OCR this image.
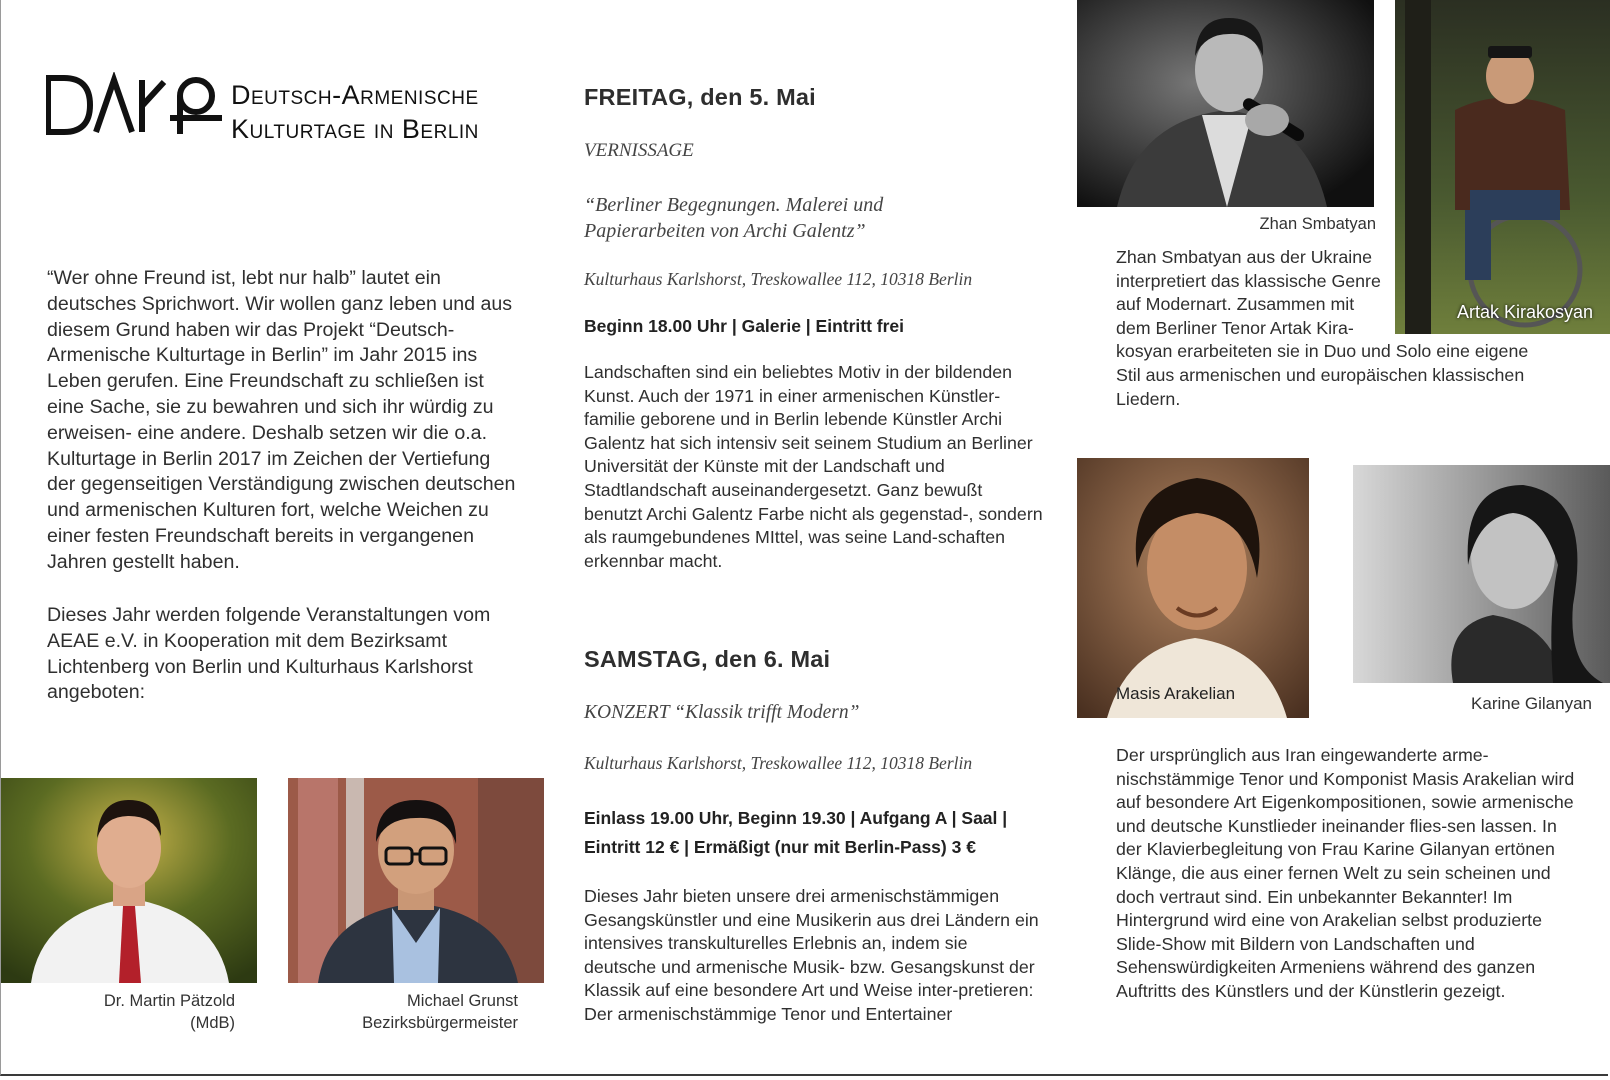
Deutsch-Armenische
Kulturtage in Berlin
“Wer ohne Freund ist, lebt nur halb” lautet ein deutsches Sprichwort. Wir wollen ganz leben und aus diesem Grund haben wir das Projekt “Deutsch-Armenische Kulturtage in Berlin” im Jahr 2015 ins Leben gerufen. Eine Freundschaft zu schließen ist eine Sache, sie zu bewahren und sich ihr würdig zu erweisen- eine andere. Deshalb setzen wir die o.a. Kulturtage in Berlin 2017 im Zeichen der Vertiefung der gegenseitigen Verständigung zwischen deutschen und armenischen Kulturen fort, welche Weichen zu einer festen Freundschaft bereits in vergangenen Jahren gestellt haben.
Dieses Jahr werden folgende Veranstaltungen vom AEAE e.V. in Kooperation mit dem Bezirksamt Lichtenberg von Berlin und Kulturhaus Karlshorst angeboten:
Dr. Martin Pätzold
(MdB)
Michael Grunst
Bezirksbürgermeister
FREITAG, den 5. Mai
VERNISSAGE
“Berliner Begegnungen. Malerei und
Papierarbeiten von Archi Galentz”
Kulturhaus Karlshorst, Treskowallee 112, 10318 Berlin
Beginn 18.00 Uhr | Galerie | Eintritt frei
Landschaften sind ein beliebtes Motiv in der bildenden Kunst. Auch der 1971 in einer armenischen Künstler-familie geborene und in Berlin lebende Künstler Archi Galentz hat sich intensiv seit seinem Studium an Berliner Universität der Künste mit der Landschaft und Stadtlandschaft auseinandergesetzt. Ganz bewußt benutzt Archi Galentz Farbe nicht als gegenstad-, sondern als raumgebundenes MIttel, was seine Land-schaften erkennbar macht.
SAMSTAG, den 6. Mai
KONZERT “Klassik trifft Modern”
Kulturhaus Karlshorst, Treskowallee 112, 10318 Berlin
Einlass 19.00 Uhr, Beginn 19.30 | Aufgang A | Saal |
Eintritt 12 € | Ermäßigt (nur mit Berlin-Pass) 3 €
Dieses Jahr bieten unsere drei armenischstämmigen Gesangskünstler und eine Musikerin aus drei Ländern ein intensives transkulturelles Erlebnis an, indem sie deutsche und armenische Musik- bzw. Gesangskunst der Klassik auf eine besondere Art und Weise inter-pretieren: Der armenischstämmige Tenor und Entertainer
Zhan Smbatyan
Artak Kirakosyan
Zhan Smbatyan aus der Ukraine
interpretiert das klassische Genre
auf Modernart. Zusammen mit
dem Berliner Tenor Artak Kira-
kosyan erarbeiteten sie in Duo und Solo eine eigene
Stil aus armenischen und europäischen klassischen
Liedern.
Masis Arakelian
Karine Gilanyan
Der ursprünglich aus Iran eingewanderte arme-nischstämmige Tenor und Komponist Masis Arakelian wird auf besondere Art Eigenkompositionen, sowie armenische und deutsche Kunstlieder ineinander flies-sen lassen. In der Klavierbegleitung von Frau Karine Gilanyan ertönen Klänge, die aus einer fernen Welt zu sein scheinen und doch vertraut sind. Ein unbekannter Bekannter! Im Hintergrund wird eine von Arakelian selbst produzierte Slide-Show mit Bildern von Landschaften und Sehenswürdigkeiten Armeniens während des ganzen Auftritts des Künstlers und der Künstlerin gezeigt.
